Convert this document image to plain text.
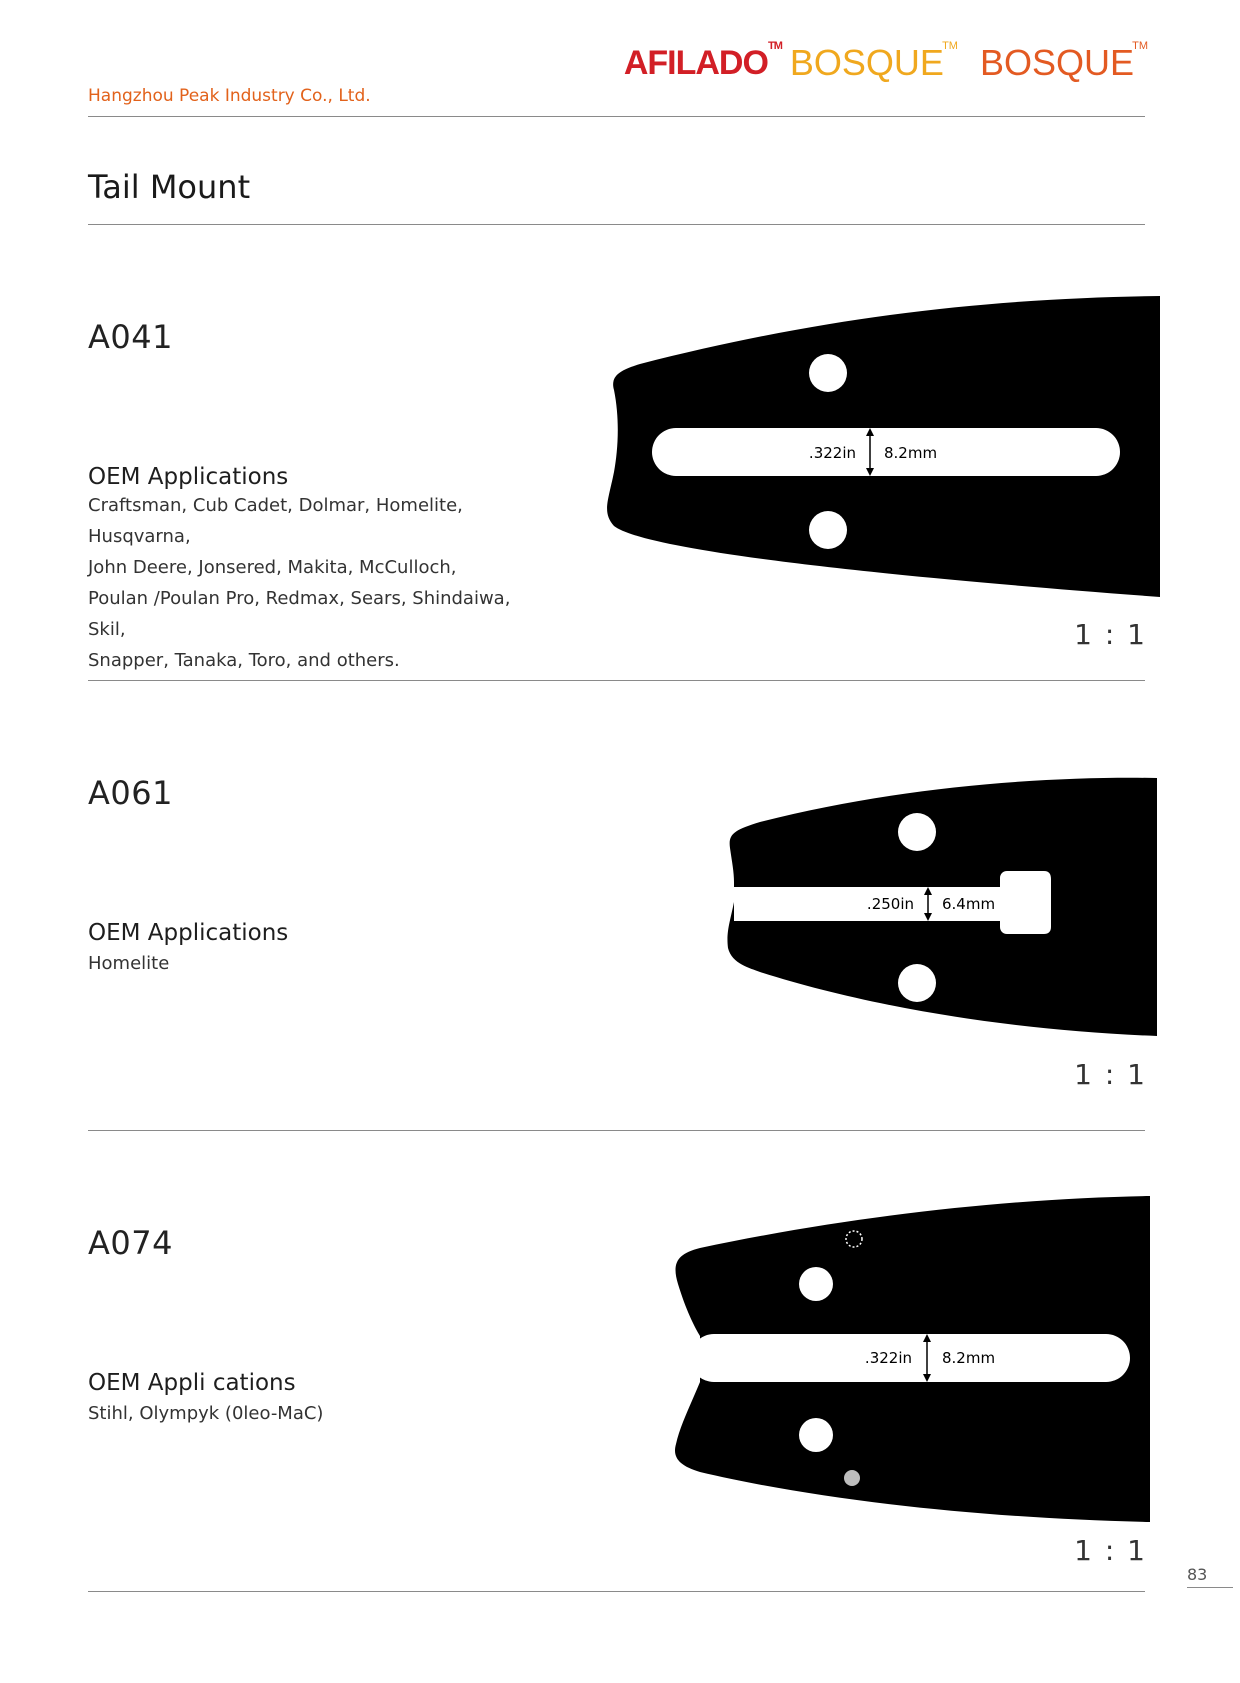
AFILADO TM BOSQUE
TM BOSQUE
TM
Hangzhou Peak Industry Co., Ltd.
Tail Mount
A041
OEM Applications
Craftsman, Cub Cadet, Dolmar, Homelite, Husqvarna,
John Deere, Jonsered, Makita, McCulloch,
Poulan /Poulan Pro, Redmax, Sears, Shindaiwa, Skil,
Snapper, Tanaka, Toro, and others.
.322in 8.2mm
1 : 1
A061
OEM Applications
Homelite
.250in 6.4mm
1 : 1
A074
OEM Appli cations
Stihl, Olympyk (0leo-MaC)
.322in 8.2mm
1 : 1
83
